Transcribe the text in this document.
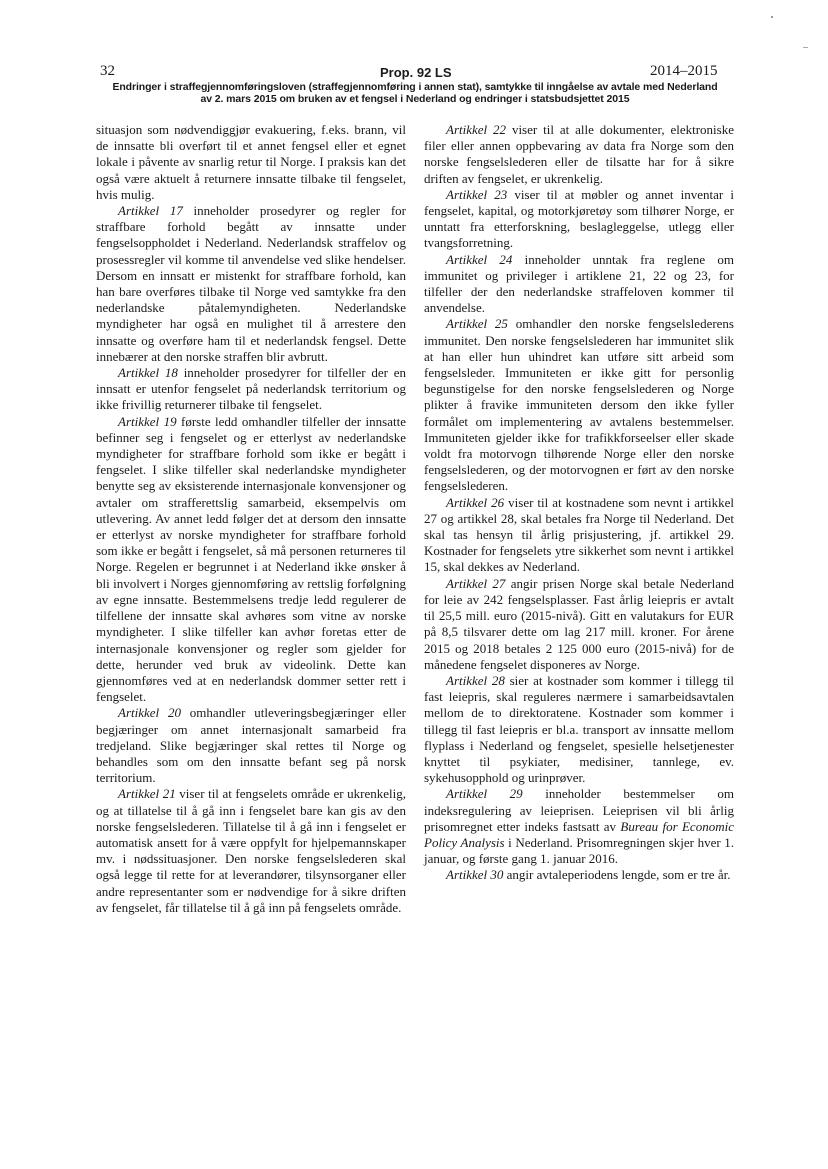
32	Prop. 92 LS	2014–2015
Endringer i straffegjennomføringsloven (straffegjennomføring i annen stat), samtykke til inngåelse av avtale med Nederland
av 2. mars 2015 om bruken av et fengsel i Nederland og endringer i statsbudsjettet 2015

situasjon som nødvendiggjør evakuering, f.eks. brann, vil de innsatte bli overført til et annet fengsel eller et egnet lokale i påvente av snarlig retur til Norge. I praksis kan det også være aktuelt å returnere innsatte tilbake til fengselet, hvis mulig.

Artikkel 17 inneholder prosedyrer og regler for straffbare forhold begått av innsatte under fengselsoppholdet i Nederland. Nederlandsk straffelov og prosessregler vil komme til anvendelse ved slike hendelser. Dersom en innsatt er mistenkt for straffbare forhold, kan han bare overføres tilbake til Norge ved samtykke fra den nederlandske påtalemyndigheten. Nederlandske myndigheter har også en mulighet til å arrestere den innsatte og overføre ham til et nederlandsk fengsel. Dette innebærer at den norske straffen blir avbrutt.

Artikkel 18 inneholder prosedyrer for tilfeller der en innsatt er utenfor fengselet på nederlandsk territorium og ikke frivillig returnerer tilbake til fengselet.

Artikkel 19 første ledd omhandler tilfeller der innsatte befinner seg i fengselet og er etterlyst av nederlandske myndigheter for straffbare forhold som ikke er begått i fengselet. I slike tilfeller skal nederlandske myndigheter benytte seg av eksisterende internasjonale konvensjoner og avtaler om strafferettslig samarbeid, eksempelvis om utlevering. Av annet ledd følger det at dersom den innsatte er etterlyst av norske myndigheter for straffbare forhold som ikke er begått i fengselet, så må personen returneres til Norge. Regelen er begrunnet i at Nederland ikke ønsker å bli involvert i Norges gjennomføring av rettslig forfølgning av egne innsatte. Bestemmelsens tredje ledd regulerer de tilfellene der innsatte skal avhøres som vitne av norske myndigheter. I slike tilfeller kan avhør foretas etter de internasjonale konvensjoner og regler som gjelder for dette, herunder ved bruk av videolink. Dette kan gjennomføres ved at en nederlandsk dommer setter rett i fengselet.

Artikkel 20 omhandler utleveringsbegjæringer eller begjæringer om annet internasjonalt samarbeid fra tredjeland. Slike begjæringer skal rettes til Norge og behandles som om den innsatte befant seg på norsk territorium.

Artikkel 21 viser til at fengselets område er ukrenkelig, og at tillatelse til å gå inn i fengselet bare kan gis av den norske fengselslederen. Tillatelse til å gå inn i fengselet er automatisk ansett for å være oppfylt for hjelpemannskaper mv. i nødssituasjoner. Den norske fengselslederen skal også legge til rette for at leverandører, tilsynsorganer eller andre representanter som er nødvendige for å sikre driften av fengselet, får tillatelse til å gå inn på fengselets område.

Artikkel 22 viser til at alle dokumenter, elektroniske filer eller annen oppbevaring av data fra Norge som den norske fengselslederen eller de tilsatte har for å sikre driften av fengselet, er ukrenkelig.

Artikkel 23 viser til at møbler og annet inventar i fengselet, kapital, og motorkjøretøy som tilhører Norge, er unntatt fra etterforskning, beslagleggelse, utlegg eller tvangsforretning.

Artikkel 24 inneholder unntak fra reglene om immunitet og privileger i artiklene 21, 22 og 23, for tilfeller der den nederlandske straffeloven kommer til anvendelse.

Artikkel 25 omhandler den norske fengselslederens immunitet. Den norske fengselslederen har immunitet slik at han eller hun uhindret kan utføre sitt arbeid som fengselsleder. Immuniteten er ikke gitt for personlig begunstigelse for den norske fengselslederen og Norge plikter å fravike immuniteten dersom den ikke fyller formålet om implementering av avtalens bestemmelser. Immuniteten gjelder ikke for trafikkforseelser eller skade voldt fra motorvogn tilhørende Norge eller den norske fengselslederen, og der motorvognen er ført av den norske fengselslederen.

Artikkel 26 viser til at kostnadene som nevnt i artikkel 27 og artikkel 28, skal betales fra Norge til Nederland. Det skal tas hensyn til årlig prisjustering, jf. artikkel 29. Kostnader for fengselets ytre sikkerhet som nevnt i artikkel 15, skal dekkes av Nederland.

Artikkel 27 angir prisen Norge skal betale Nederland for leie av 242 fengselsplasser. Fast årlig leiepris er avtalt til 25,5 mill. euro (2015-nivå). Gitt en valutakurs for EUR på 8,5 tilsvarer dette om lag 217 mill. kroner. For årene 2015 og 2018 betales 2 125 000 euro (2015-nivå) for de månedene fengselet disponeres av Norge.

Artikkel 28 sier at kostnader som kommer i tillegg til fast leiepris, skal reguleres nærmere i samarbeidsavtalen mellom de to direktoratene. Kostnader som kommer i tillegg til fast leiepris er bl.a. transport av innsatte mellom flyplass i Nederland og fengselet, spesielle helsetjenester knyttet til psykiater, medisiner, tannlege, ev. sykehusopphold og urinprøver.

Artikkel 29 inneholder bestemmelser om indeksregulering av leieprisen. Leieprisen vil bli årlig prisomregnet etter indeks fastsatt av Bureau for Economic Policy Analysis i Nederland. Prisomregningen skjer hver 1. januar, og første gang 1. januar 2016.

Artikkel 30 angir avtaleperiodens lengde, som er tre år.
